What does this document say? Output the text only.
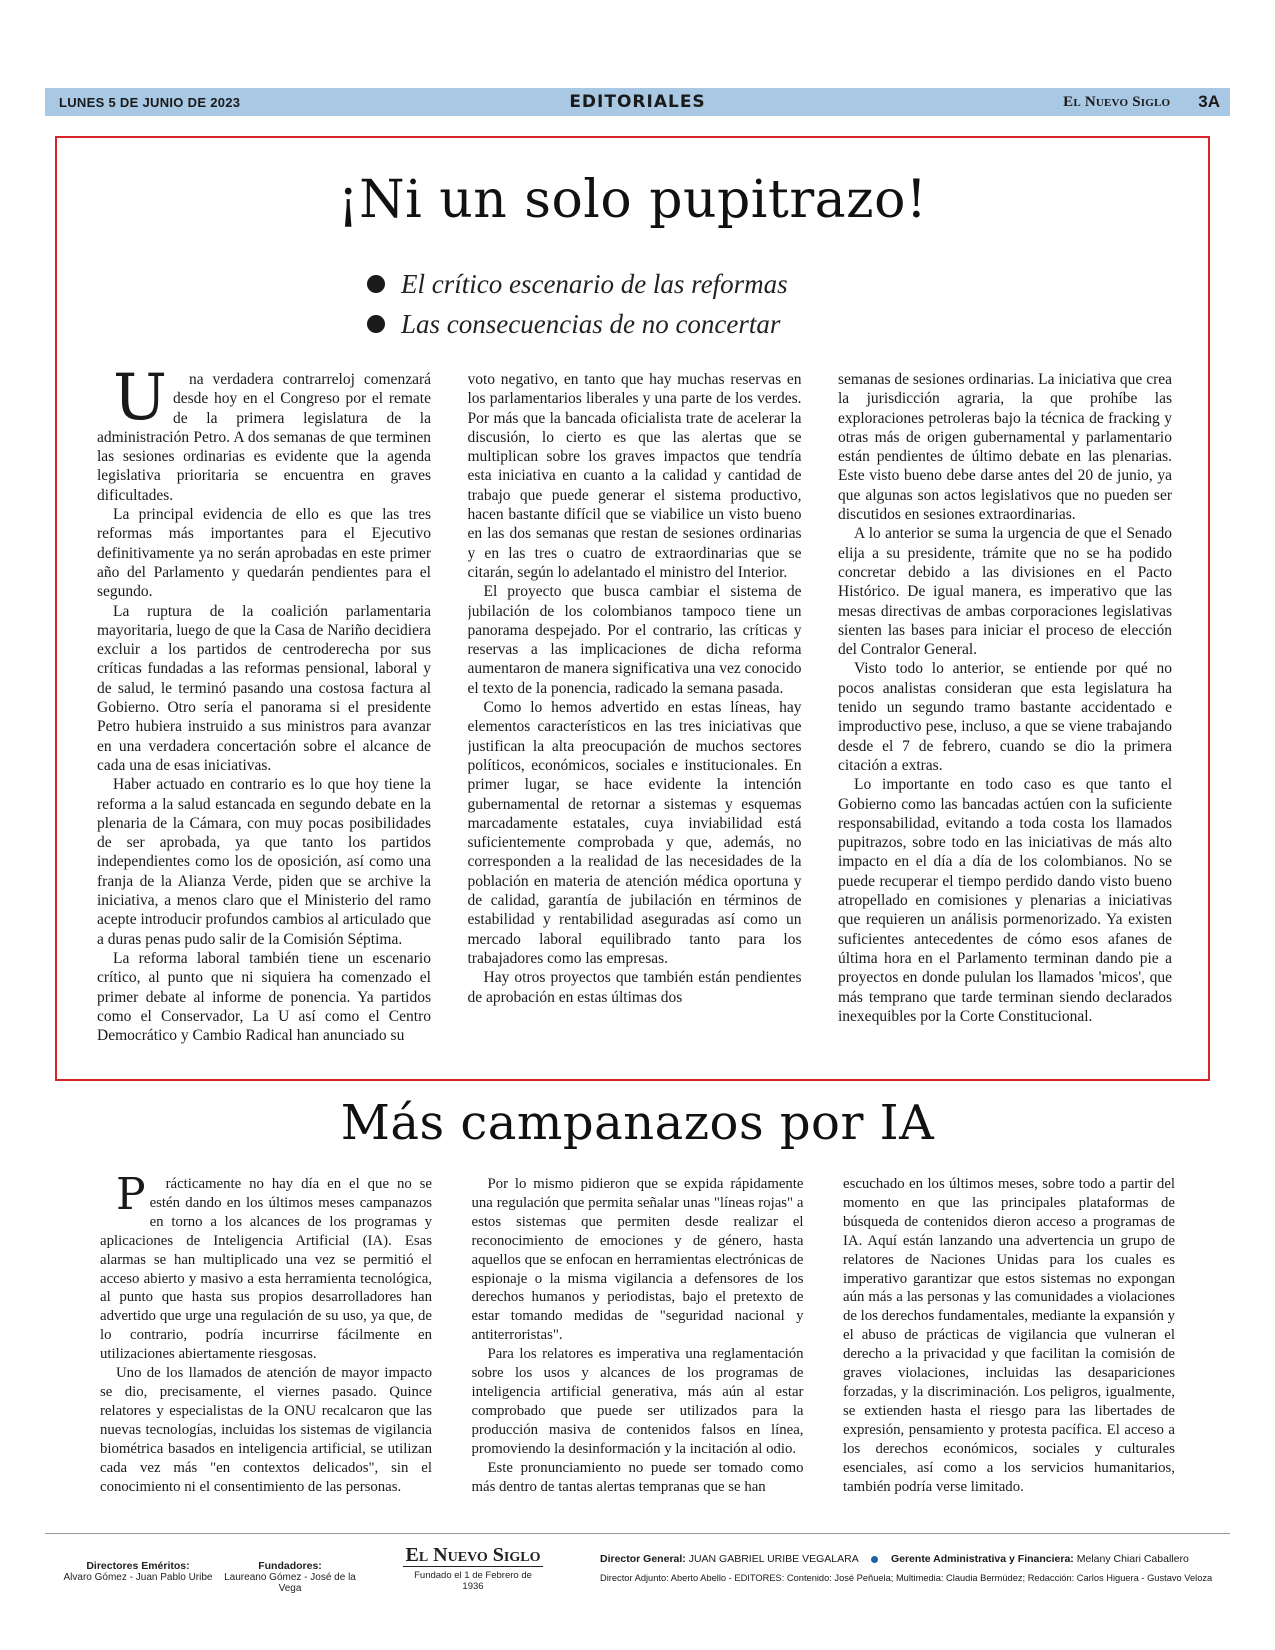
LUNES 5 DE JUNIO DE 2023	EDITORIALES	El Nuevo Siglo 3A
¡Ni un solo pupitrazo!
El crítico escenario de las reformas
Las consecuencias de no concertar

U na verdadera contrarreloj comenzará desde hoy en el Congreso por el remate de la primera legislatura de la administración Petro. A dos semanas de que terminen las sesiones ordinarias es evidente que la agenda legislativa prioritaria se encuentra en graves dificultades.

La principal evidencia de ello es que las tres reformas más importantes para el Ejecutivo definitivamente ya no serán aprobadas en este primer año del Parlamento y quedarán pendientes para el segundo.

La ruptura de la coalición parlamentaria mayoritaria, luego de que la Casa de Nariño decidiera excluir a los partidos de centroderecha por sus críticas fundadas a las reformas pensional, laboral y de salud, le terminó pasando una costosa factura al Gobierno. Otro sería el panorama si el presidente Petro hubiera instruido a sus ministros para avanzar en una verdadera concertación sobre el alcance de cada una de esas iniciativas.

Haber actuado en contrario es lo que hoy tiene la reforma a la salud estancada en segundo debate en la plenaria de la Cámara, con muy pocas posibilidades de ser aprobada, ya que tanto los partidos independientes como los de oposición, así como una franja de la Alianza Verde, piden que se archive la iniciativa, a menos claro que el Ministerio del ramo acepte introducir profundos cambios al articulado que a duras penas pudo salir de la Comisión Séptima.

La reforma laboral también tiene un escenario crítico, al punto que ni siquiera ha comenzado el primer debate al informe de ponencia. Ya partidos como el Conservador, La U así como el Centro Democrático y Cambio Radical han anunciado su

voto negativo, en tanto que hay muchas reservas en los parlamentarios liberales y una parte de los verdes. Por más que la bancada oficialista trate de acelerar la discusión, lo cierto es que las alertas que se multiplican sobre los graves impactos que tendría esta iniciativa en cuanto a la calidad y cantidad de trabajo que puede generar el sistema productivo, hacen bastante difícil que se viabilice un visto bueno en las dos semanas que restan de sesiones ordinarias y en las tres o cuatro de extraordinarias que se citarán, según lo adelantado el ministro del Interior.

El proyecto que busca cambiar el sistema de jubilación de los colombianos tampoco tiene un panorama despejado. Por el contrario, las críticas y reservas a las implicaciones de dicha reforma aumentaron de manera significativa una vez conocido el texto de la ponencia, radicado la semana pasada.

Como lo hemos advertido en estas líneas, hay elementos característicos en las tres iniciativas que justifican la alta preocupación de muchos sectores políticos, económicos, sociales e institucionales. En primer lugar, se hace evidente la intención gubernamental de retornar a sistemas y esquemas marcadamente estatales, cuya inviabilidad está suficientemente comprobada y que, además, no corresponden a la realidad de las necesidades de la población en materia de atención médica oportuna y de calidad, garantía de jubilación en términos de estabilidad y rentabilidad aseguradas así como un mercado laboral equilibrado tanto para los trabajadores como las empresas.

Hay otros proyectos que también están pendientes de aprobación en estas últimas dos

semanas de sesiones ordinarias. La iniciativa que crea la jurisdicción agraria, la que prohíbe las exploraciones petroleras bajo la técnica de fracking y otras más de origen gubernamental y parlamentario están pendientes de último debate en las plenarias. Este visto bueno debe darse antes del 20 de junio, ya que algunas son actos legislativos que no pueden ser discutidos en sesiones extraordinarias.

A lo anterior se suma la urgencia de que el Senado elija a su presidente, trámite que no se ha podido concretar debido a las divisiones en el Pacto Histórico. De igual manera, es imperativo que las mesas directivas de ambas corporaciones legislativas sienten las bases para iniciar el proceso de elección del Contralor General.

Visto todo lo anterior, se entiende por qué no pocos analistas consideran que esta legislatura ha tenido un segundo tramo bastante accidentado e improductivo pese, incluso, a que se viene trabajando desde el 7 de febrero, cuando se dio la primera citación a extras.

Lo importante en todo caso es que tanto el Gobierno como las bancadas actúen con la suficiente responsabilidad, evitando a toda costa los llamados pupitrazos, sobre todo en las iniciativas de más alto impacto en el día a día de los colombianos. No se puede recuperar el tiempo perdido dando visto bueno atropellado en comisiones y plenarias a iniciativas que requieren un análisis pormenorizado. Ya existen suficientes antecedentes de cómo esos afanes de última hora en el Parlamento terminan dando pie a proyectos en donde pululan los llamados 'micos', que más temprano que tarde terminan siendo declarados inexequibles por la Corte Constitucional.

Más campanazos por IA

P rácticamente no hay día en el que no se estén dando en los últimos meses campanazos en torno a los alcances de los programas y aplicaciones de Inteligencia Artificial (IA). Esas alarmas se han multiplicado una vez se permitió el acceso abierto y masivo a esta herramienta tecnológica, al punto que hasta sus propios desarrolladores han advertido que urge una regulación de su uso, ya que, de lo contrario, podría incurrirse fácilmente en utilizaciones abiertamente riesgosas.

Uno de los llamados de atención de mayor impacto se dio, precisamente, el viernes pasado. Quince relatores y especialistas de la ONU recalcaron que las nuevas tecnologías, incluidas los sistemas de vigilancia biométrica basados en inteligencia artificial, se utilizan cada vez más "en contextos delicados", sin el conocimiento ni el consentimiento de las personas.

Por lo mismo pidieron que se expida rápidamente una regulación que permita señalar unas "líneas rojas" a estos sistemas que permiten desde realizar el reconocimiento de emociones y de género, hasta aquellos que se enfocan en herramientas electrónicas de espionaje o la misma vigilancia a defensores de los derechos humanos y periodistas, bajo el pretexto de estar tomando medidas de "seguridad nacional y antiterroristas".

Para los relatores es imperativa una reglamentación sobre los usos y alcances de los programas de inteligencia artificial generativa, más aún al estar comprobado que puede ser utilizados para la producción masiva de contenidos falsos en línea, promoviendo la desinformación y la incitación al odio.

Este pronunciamiento no puede ser tomado como más dentro de tantas alertas tempranas que se han

escuchado en los últimos meses, sobre todo a partir del momento en que las principales plataformas de búsqueda de contenidos dieron acceso a programas de IA. Aquí están lanzando una advertencia un grupo de relatores de Naciones Unidas para los cuales es imperativo garantizar que estos sistemas no expongan aún más a las personas y las comunidades a violaciones de los derechos fundamentales, mediante la expansión y el abuso de prácticas de vigilancia que vulneran el derecho a la privacidad y que facilitan la comisión de graves violaciones, incluidas las desapariciones forzadas, y la discriminación. Los peligros, igualmente, se extienden hasta el riesgo para las libertades de expresión, pensamiento y protesta pacífica. El acceso a los derechos económicos, sociales y culturales esenciales, así como a los servicios humanitarios, también podría verse limitado.

Directores Eméritos:
Alvaro Gómez - Juan Pablo Uribe
Fundadores:
Laureano Gómez - José de la Vega
El Nuevo Siglo
Fundado el 1 de Febrero de 1936
Director General: JUAN GABRIEL URIBE VEGALARA	Gerente Administrativa y Financiera: Melany Chiari Caballero
Director Adjunto: Aberto Abello - EDITORES: Contenido: José Peñuela; Multimedia: Claudia Bermúdez; Redacción: Carlos Higuera - Gustavo Veloza
